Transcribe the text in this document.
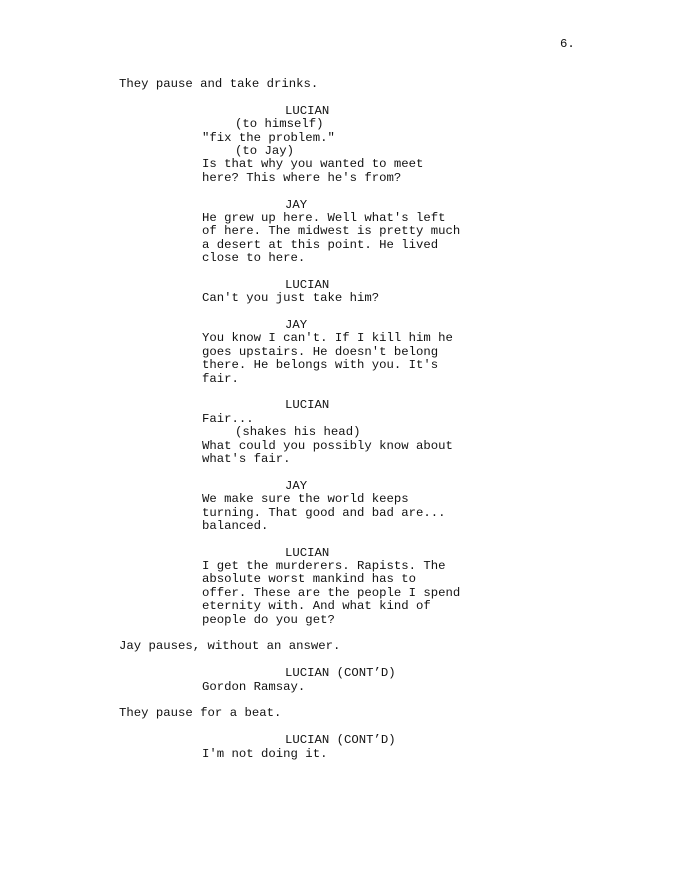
6.
They pause and take drinks.
LUCIAN
(to himself)
"fix the problem."
(to Jay)
Is that why you wanted to meet
here? This where he's from?
JAY
He grew up here. Well what's left
of here. The midwest is pretty much
a desert at this point. He lived
close to here.
LUCIAN
Can't you just take him?
JAY
You know I can't. If I kill him he
goes upstairs. He doesn't belong
there. He belongs with you. It's
fair.
LUCIAN
Fair...
(shakes his head)
What could you possibly know about
what's fair.
JAY
We make sure the world keeps
turning. That good and bad are...
balanced.
LUCIAN
I get the murderers. Rapists. The
absolute worst mankind has to
offer. These are the people I spend
eternity with. And what kind of
people do you get?
Jay pauses, without an answer.
LUCIAN (CONT’D)
Gordon Ramsay.
They pause for a beat.
LUCIAN (CONT’D)
I'm not doing it.
